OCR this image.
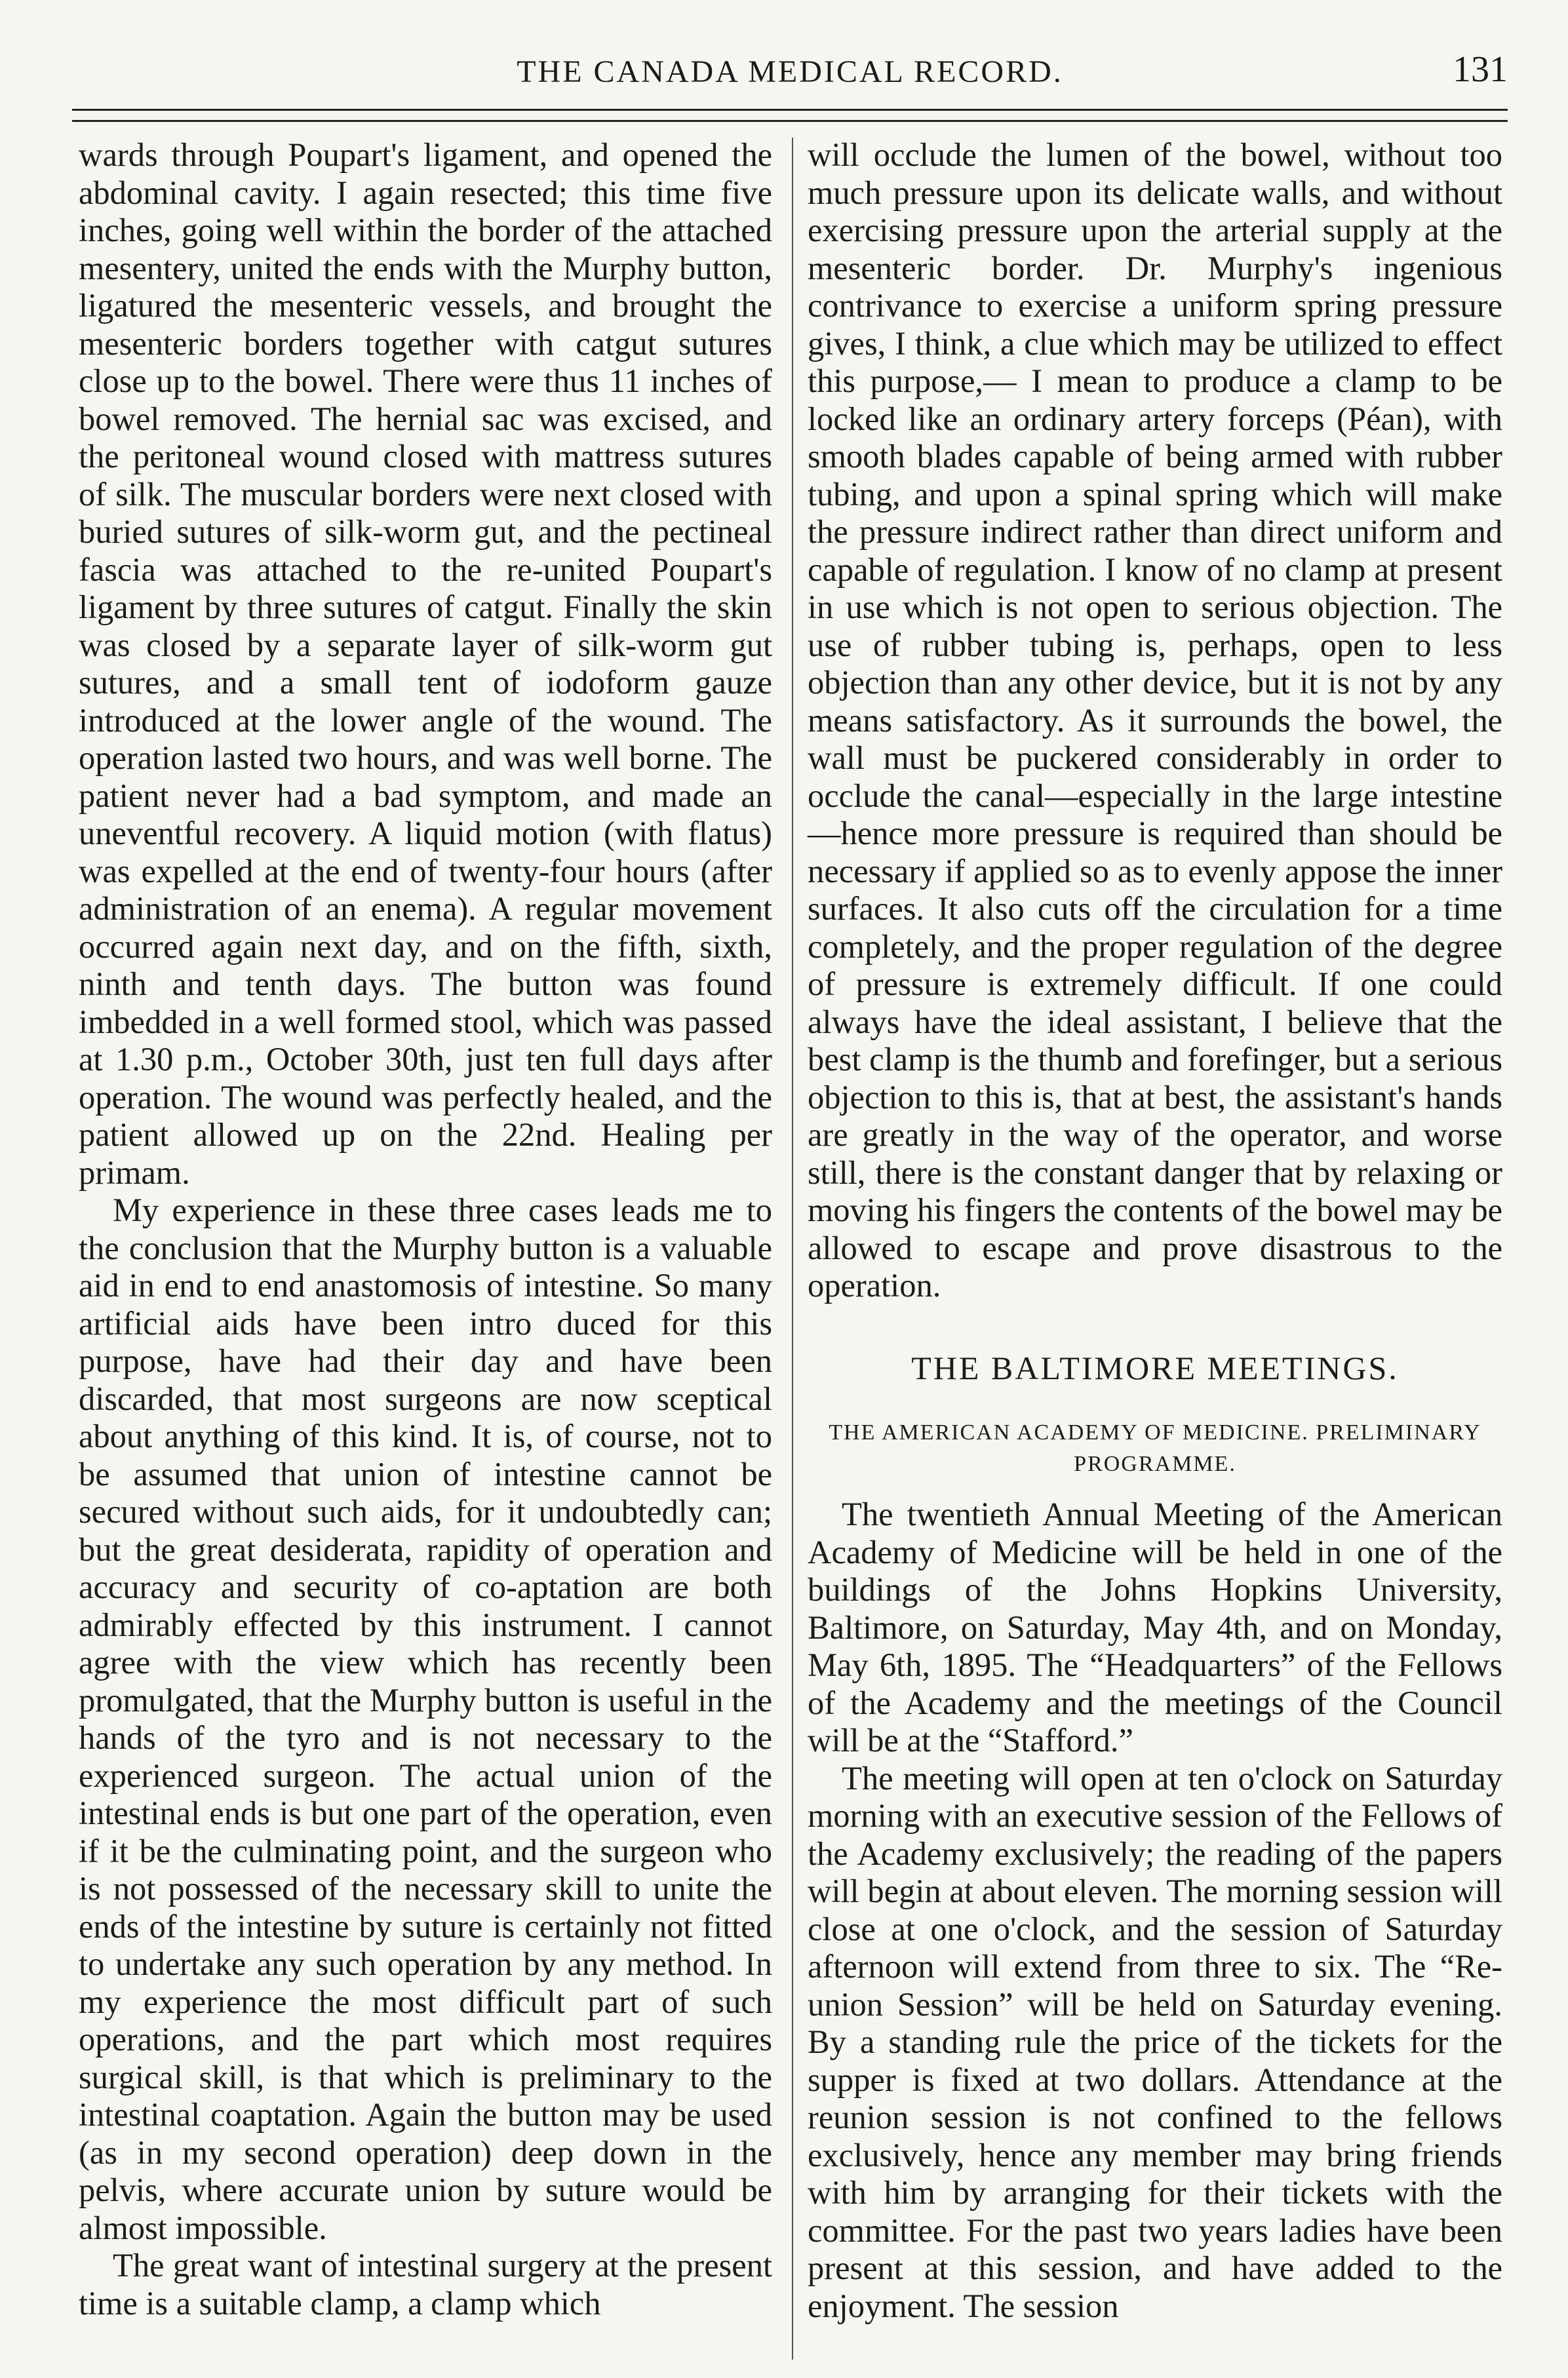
THE CANADA MEDICAL RECORD.	131

wards through Poupart's ligament, and opened the abdominal cavity. I again resected; this time five inches, going well within the border of the attached mesentery, united the ends with the Murphy button, ligatured the mesenteric vessels, and brought the mesenteric borders together with catgut sutures close up to the bowel. There were thus 11 inches of bowel removed. The hernial sac was excised, and the peritoneal wound closed with mattress sutures of silk. The muscular borders were next closed with buried sutures of silk-worm gut, and the pectineal fascia was attached to the re-united Poupart's ligament by three sutures of catgut. Finally the skin was closed by a separate layer of silk-worm gut sutures, and a small tent of iodoform gauze introduced at the lower angle of the wound. The operation lasted two hours, and was well borne. The patient never had a bad symptom, and made an uneventful recovery. A liquid motion (with flatus) was expelled at the end of twenty-four hours (after administration of an enema). A regular movement occurred again next day, and on the fifth, sixth, ninth and tenth days. The button was found imbedded in a well formed stool, which was passed at 1.30 p.m., October 30th, just ten full days after operation. The wound was perfectly healed, and the patient allowed up on the 22nd. Healing per primam.

My experience in these three cases leads me to the conclusion that the Murphy button is a valuable aid in end to end anastomosis of intestine. So many artificial aids have been intro duced for this purpose, have had their day and have been discarded, that most surgeons are now sceptical about anything of this kind. It is, of course, not to be assumed that union of intestine cannot be secured without such aids, for it undoubtedly can; but the great desiderata, rapidity of operation and accuracy and security of co-aptation are both admirably effected by this instrument. I cannot agree with the view which has recently been promulgated, that the Murphy button is useful in the hands of the tyro and is not necessary to the experienced surgeon. The actual union of the intestinal ends is but one part of the operation, even if it be the culminating point, and the surgeon who is not possessed of the necessary skill to unite the ends of the intestine by suture is certainly not fitted to undertake any such operation by any method. In my experience the most difficult part of such operations, and the part which most requires surgical skill, is that which is preliminary to the intestinal coaptation. Again the button may be used (as in my second operation) deep down in the pelvis, where accurate union by suture would be almost impossible.

The great want of intestinal surgery at the present time is a suitable clamp, a clamp which

will occlude the lumen of the bowel, without too much pressure upon its delicate walls, and without exercising pressure upon the arterial supply at the mesenteric border. Dr. Murphy's ingenious contrivance to exercise a uniform spring pressure gives, I think, a clue which may be utilized to effect this purpose,— I mean to produce a clamp to be locked like an ordinary artery forceps (Péan), with smooth blades capable of being armed with rubber tubing, and upon a spinal spring which will make the pressure indirect rather than direct uniform and capable of regulation. I know of no clamp at present in use which is not open to serious objection. The use of rubber tubing is, perhaps, open to less objection than any other device, but it is not by any means satisfactory. As it surrounds the bowel, the wall must be puckered considerably in order to occlude the canal—especially in the large intestine—hence more pressure is required than should be necessary if applied so as to evenly appose the inner surfaces. It also cuts off the circulation for a time completely, and the proper regulation of the degree of pressure is extremely difficult. If one could always have the ideal assistant, I believe that the best clamp is the thumb and forefinger, but a serious objection to this is, that at best, the assistant's hands are greatly in the way of the operator, and worse still, there is the constant danger that by relaxing or moving his fingers the contents of the bowel may be allowed to escape and prove disastrous to the operation.

THE BALTIMORE MEETINGS.
THE AMERICAN ACADEMY OF MEDICINE. PRELIMINARY PROGRAMME.

The twentieth Annual Meeting of the American Academy of Medicine will be held in one of the buildings of the Johns Hopkins University, Baltimore, on Saturday, May 4th, and on Monday, May 6th, 1895. The “Headquarters” of the Fellows of the Academy and the meetings of the Council will be at the “Stafford.”

The meeting will open at ten o'clock on Saturday morning with an executive session of the Fellows of the Academy exclusively; the reading of the papers will begin at about eleven. The morning session will close at one o'clock, and the session of Saturday afternoon will extend from three to six. The “Re-union Session” will be held on Saturday evening. By a standing rule the price of the tickets for the supper is fixed at two dollars. Attendance at the reunion session is not confined to the fellows exclusively, hence any member may bring friends with him by arranging for their tickets with the committee. For the past two years ladies have been present at this session, and have added to the enjoyment. The session
